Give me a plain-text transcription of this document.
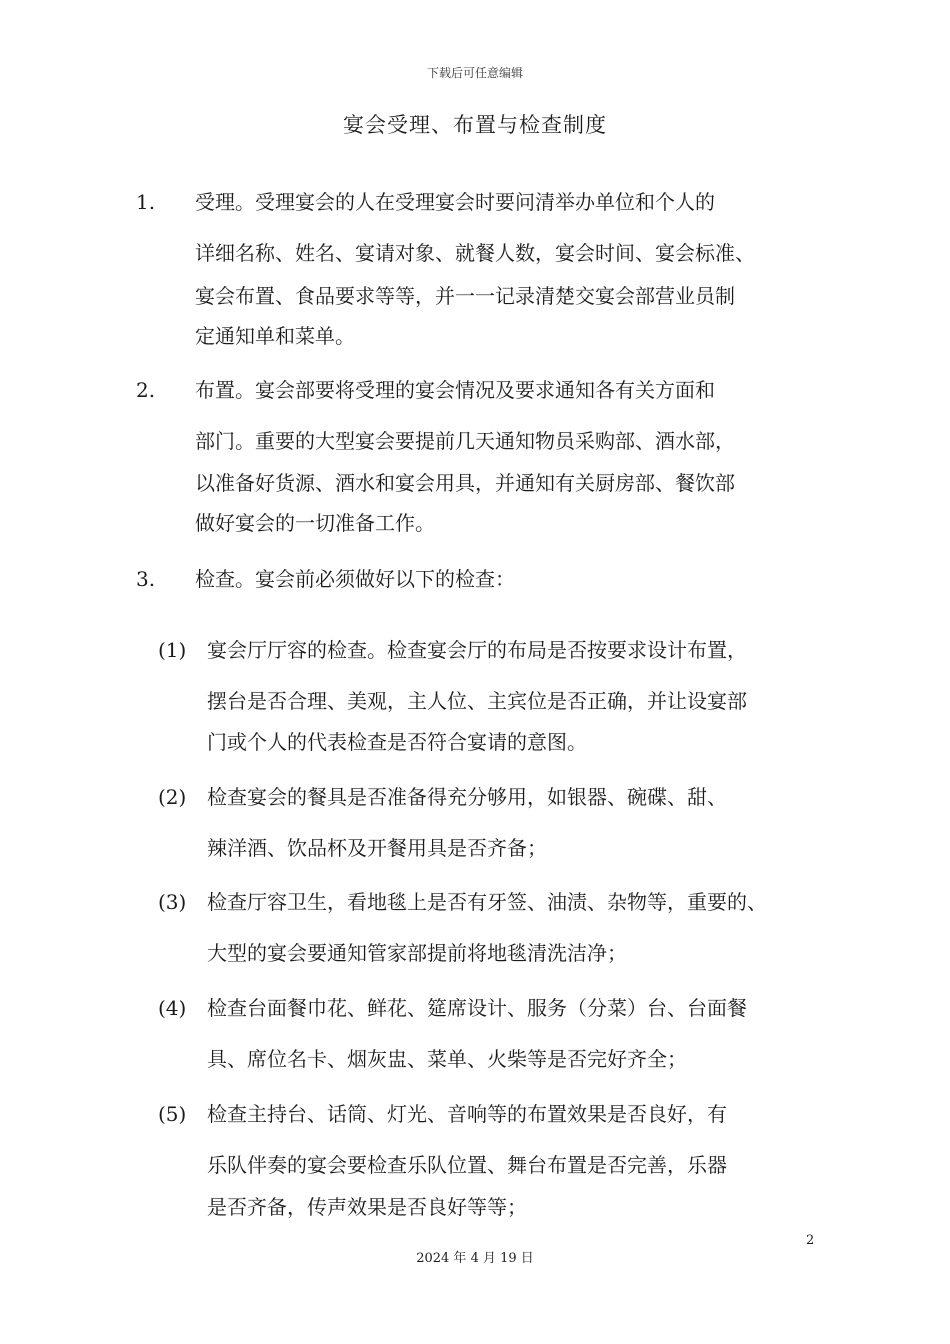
下载后可任意编辑
宴会受理、布置与检查制度
1. 受理。受理宴会的人在受理宴会时要问清举办单位和个人的
详细名称、姓名、宴请对象、就餐人数，宴会时间、宴会标准、
宴会布置、食品要求等等，并一一记录清楚交宴会部营业员制
定通知单和菜单。
2. 布置。宴会部要将受理的宴会情况及要求通知各有关方面和
部门。重要的大型宴会要提前几天通知物员采购部、酒水部，
以准备好货源、酒水和宴会用具，并通知有关厨房部、餐饮部
做好宴会的一切准备工作。
3. 检查。宴会前必须做好以下的检查：
(1) 宴会厅厅容的检查。检查宴会厅的布局是否按要求设计布置，
摆台是否合理、美观，主人位、主宾位是否正确，并让设宴部
门或个人的代表检查是否符合宴请的意图。
(2) 检查宴会的餐具是否准备得充分够用，如银器、碗碟、甜、
辣洋酒、饮品杯及开餐用具是否齐备；
(3) 检查厅容卫生，看地毯上是否有牙签、油渍、杂物等，重要的、
大型的宴会要通知管家部提前将地毯清洗洁净；
(4) 检查台面餐巾花、鲜花、筵席设计、服务（分菜）台、台面餐
具、席位名卡、烟灰盅、菜单、火柴等是否完好齐全；
(5) 检查主持台、话筒、灯光、音响等的布置效果是否良好，有
乐队伴奏的宴会要检查乐队位置、舞台布置是否完善，乐器
是否齐备，传声效果是否良好等等；
2
2024 年 4 月 19 日
